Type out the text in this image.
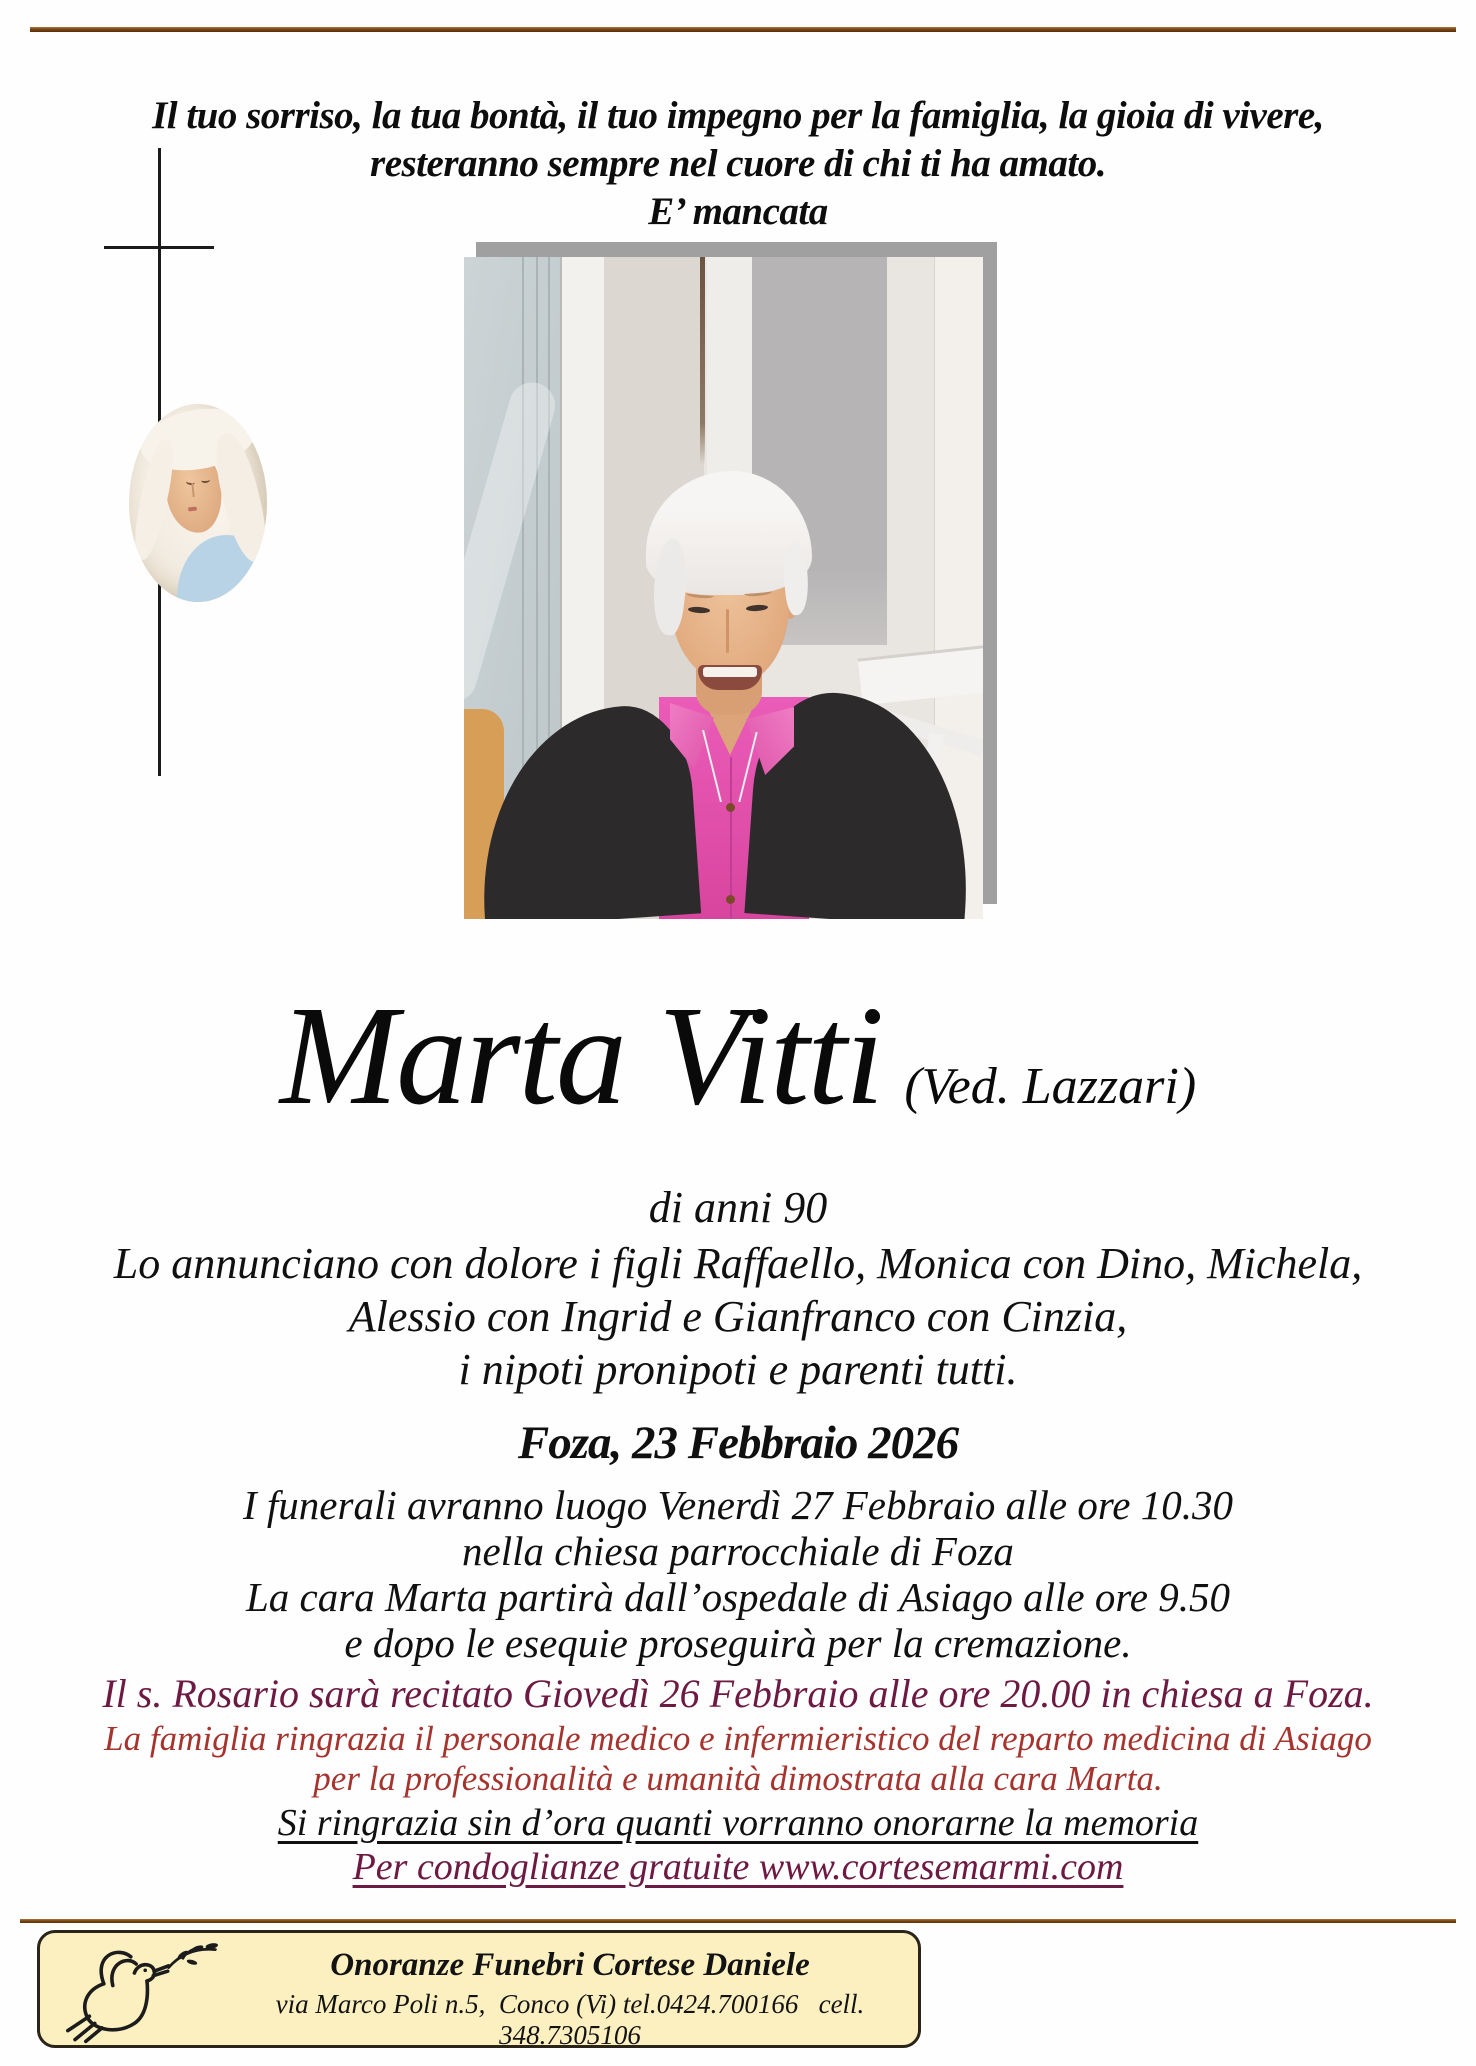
Il tuo sorriso, la tua bontà, il tuo impegno per la famiglia, la gioia di vivere,
resteranno sempre nel cuore di chi ti ha amato.
E’ mancata
Marta Vitti (Ved. Lazzari)
di anni 90
Lo annunciano con dolore i figli Raffaello, Monica con Dino, Michela,
Alessio con Ingrid e Gianfranco con Cinzia,
i nipoti pronipoti e parenti tutti.
Foza, 23 Febbraio 2026
I funerali avranno luogo Venerdì 27 Febbraio alle ore 10.30
nella chiesa parrocchiale di Foza
La cara Marta partirà dall’ospedale di Asiago alle ore 9.50
e dopo le esequie proseguirà per la cremazione.
Il s. Rosario sarà recitato Giovedì 26 Febbraio alle ore 20.00 in chiesa a Foza.
La famiglia ringrazia il personale medico e infermieristico del reparto medicina di Asiago
per la professionalità e umanità dimostrata alla cara Marta.
Si ringrazia sin d’ora quanti vorranno onorarne la memoria
Per condoglianze gratuite www.cortesemarmi.com
Onoranze Funebri Cortese Daniele
via Marco Poli n.5,  Conco (Vi) tel.0424.700166   cell. 348.7305106
